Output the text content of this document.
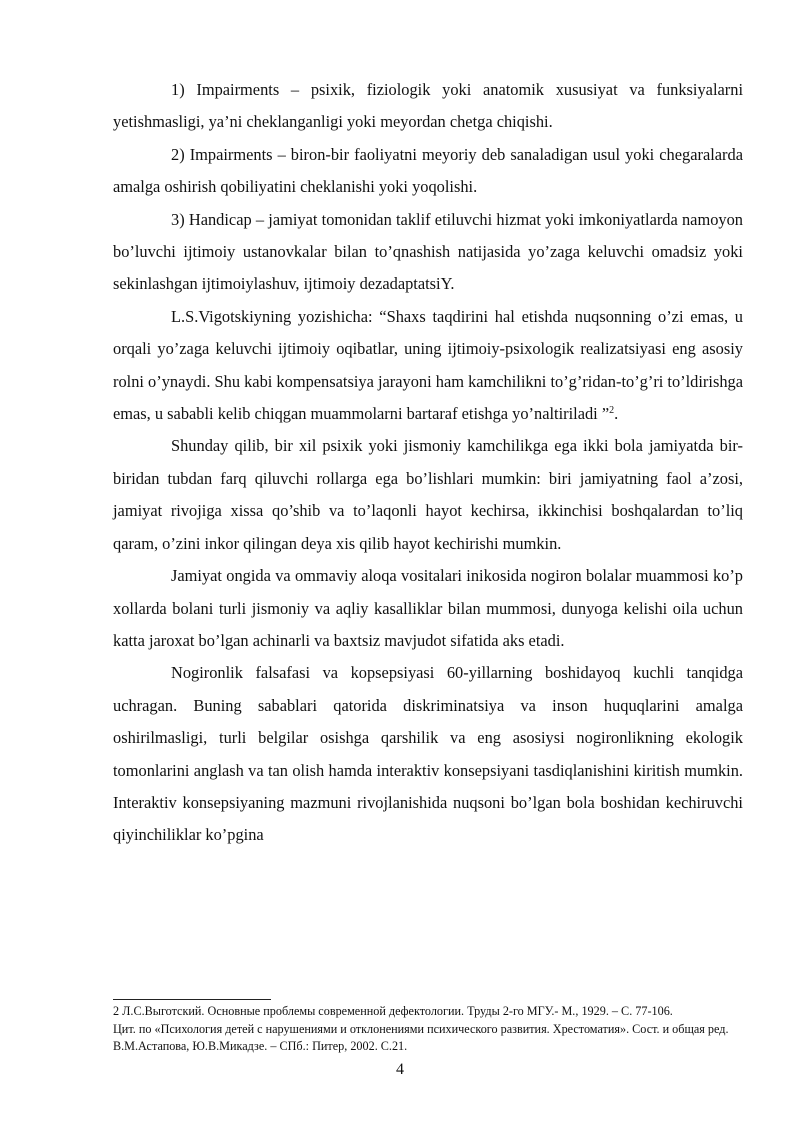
1) Impairments – psixik, fiziologik yoki anatomik xususiyat va funksiyalarni yetishmasligi, ya’ni cheklanganligi yoki meyordan chetga chiqishi.

2) Impairments – biron-bir faoliyatni meyoriy deb sanaladigan usul yoki chegaralarda amalga oshirish qobiliyatini cheklanishi yoki yoqolishi.

3) Handicap – jamiyat tomonidan taklif etiluvchi hizmat yoki imkoniyatlarda namoyon bo’luvchi ijtimoiy ustanovkalar bilan to’qnashish natijasida yo’zaga keluvchi omadsiz yoki sekinlashgan ijtimoiylashuv, ijtimoiy dezadaptatsiY.

L.S.Vigotskiyning yozishicha: “Shaxs taqdirini hal etishda nuqsonning o’zi emas, u orqali yo’zaga keluvchi ijtimoiy oqibatlar, uning ijtimoiy-psixologik realizatsiyasi eng asosiy rolni o’ynaydi. Shu kabi kompensatsiya jarayoni ham kamchilikni to’g’ridan-to’g’ri to’ldirishga emas, u sababli kelib chiqgan muammolarni bartaraf etishga yo’naltiriladi ”$^2$.

Shunday qilib, bir xil psixik yoki jismoniy kamchilikga ega ikki bola jamiyatda bir-biridan tubdan farq qiluvchi rollarga ega bo’lishlari mumkin: biri jamiyatning faol a’zosi, jamiyat rivojiga xissa qo’shib va to’laqonli hayot kechirsa, ikkinchisi boshqalardan to’liq qaram, o’zini inkor qilingan deya xis qilib hayot kechirishi mumkin.

Jamiyat ongida va ommaviy aloqa vositalari inikosida nogiron bolalar muammosi ko’p xollarda bolani turli jismoniy va aqliy kasalliklar bilan mummosi, dunyoga kelishi oila uchun katta jaroxat bo’lgan achinarli va baxtsiz mavjudot sifatida aks etadi.

Nogironlik falsafasi va kopsepsiyasi 60-yillarning boshidayoq kuchli tanqidga uchragan. Buning sabablari qatorida diskriminatsiya va inson huquqlarini amalga oshirilmasligi, turli belgilar osishga qarshilik va eng asosiysi nogironlikning ekologik tomonlarini anglash va tan olish hamda interaktiv konsepsiyani tasdiqlanishini kiritish mumkin. Interaktiv konsepsiyaning mazmuni rivojlanishida nuqsoni bo’lgan bola boshidan kechiruvchi qiyinchiliklar ko’pgina

2 Л.С.Выготский. Основные проблемы современной дефектологии. Труды 2-го МГУ.- М., 1929. – С. 77-106.

Цит. по «Психология детей с нарушениями и отклонениями психического развития. Хрестоматия». Сост. и общая ред. В.М.Астапова, Ю.В.Микадзе. – СПб.: Питер, 2002. С.21.

4
